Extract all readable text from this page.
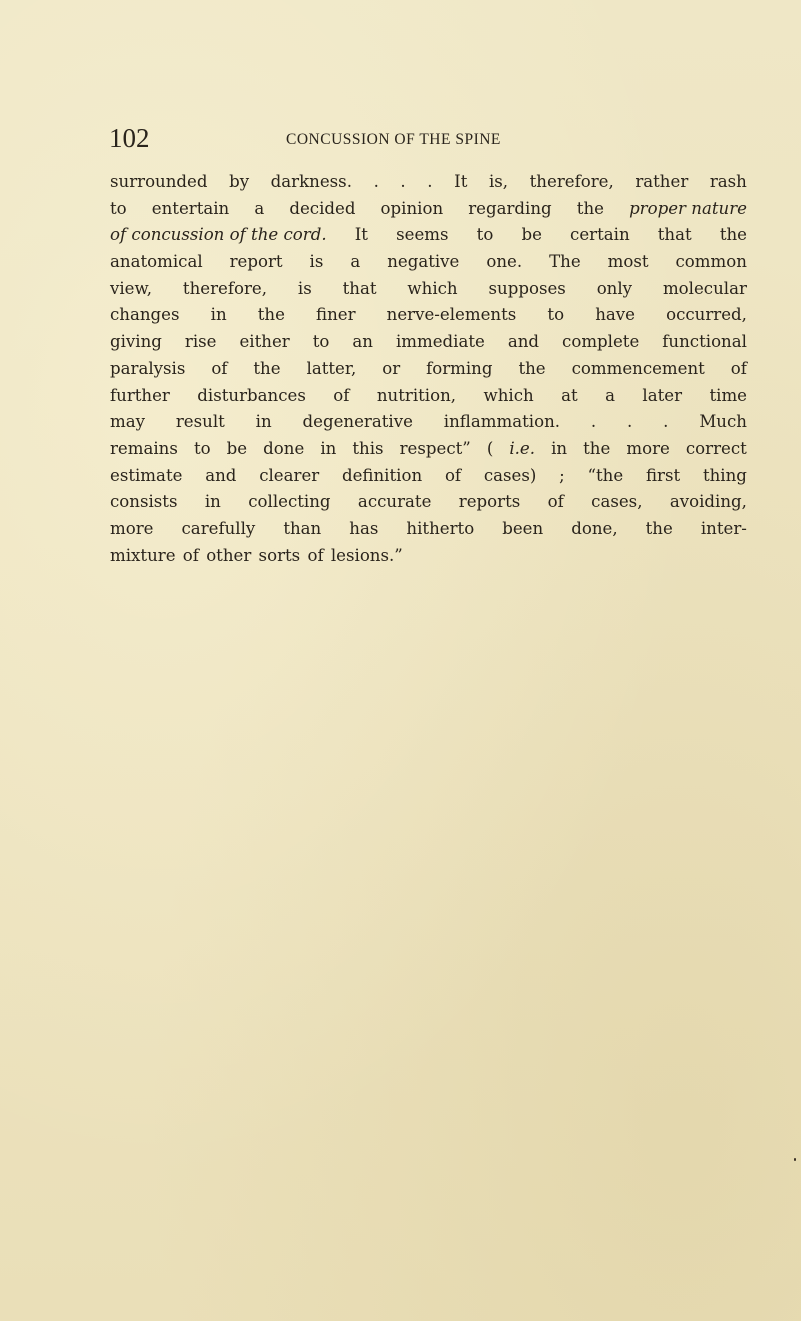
102	CONCUSSION OF THE SPINE
surrounded by darkness. . . . It is, therefore, rather rash
to entertain a decided opinion regarding the proper nature
of concussion of the cord. It seems to be certain that the
anatomical report is a negative one. The most common
view, therefore, is that which supposes only molecular
changes in the finer nerve-elements to have occurred,
giving rise either to an immediate and complete functional
paralysis of the latter, or forming the commencement of
further disturbances of nutrition, which at a later time
may result in degenerative inflammation. . . . Much
remains to be done in this respect” ( i.e. in the more correct
estimate and clearer definition of cases) ; “the first thing
consists in collecting accurate reports of cases, avoiding,
more carefully than has hitherto been done, the inter-
mixture of other sorts of lesions.”
